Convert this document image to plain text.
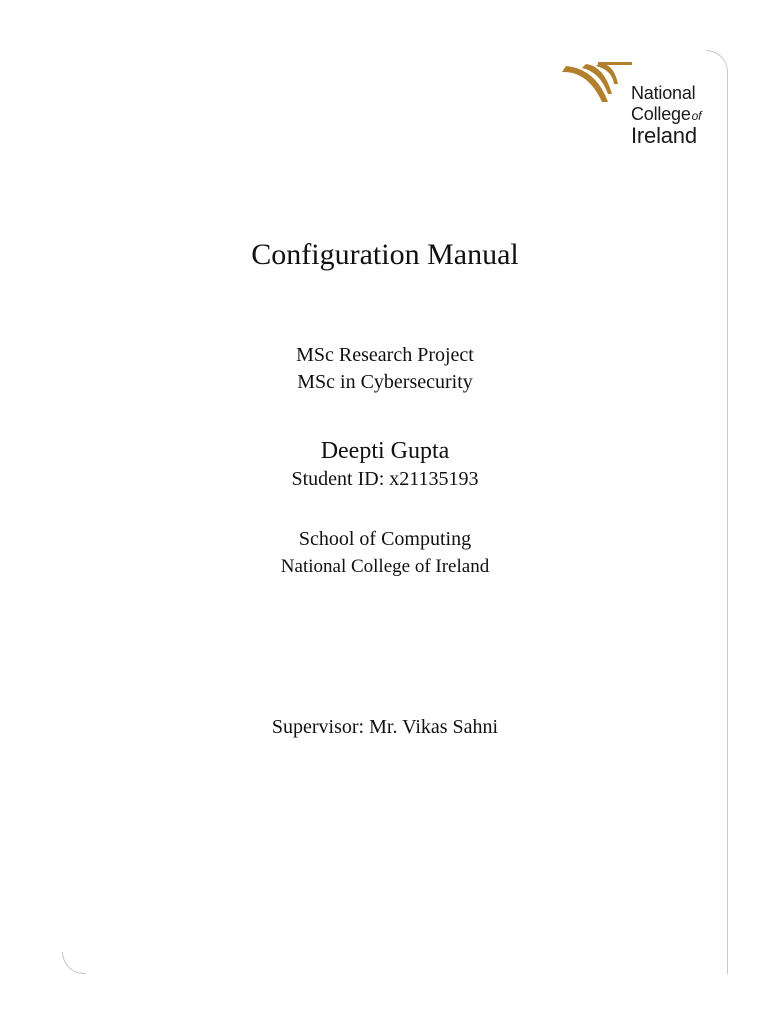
National
Collegeof
Ireland
Configuration Manual
MSc Research Project
MSc in Cybersecurity
Deepti Gupta
Student ID: x21135193
School of Computing
National College of Ireland
Supervisor: Mr. Vikas Sahni
